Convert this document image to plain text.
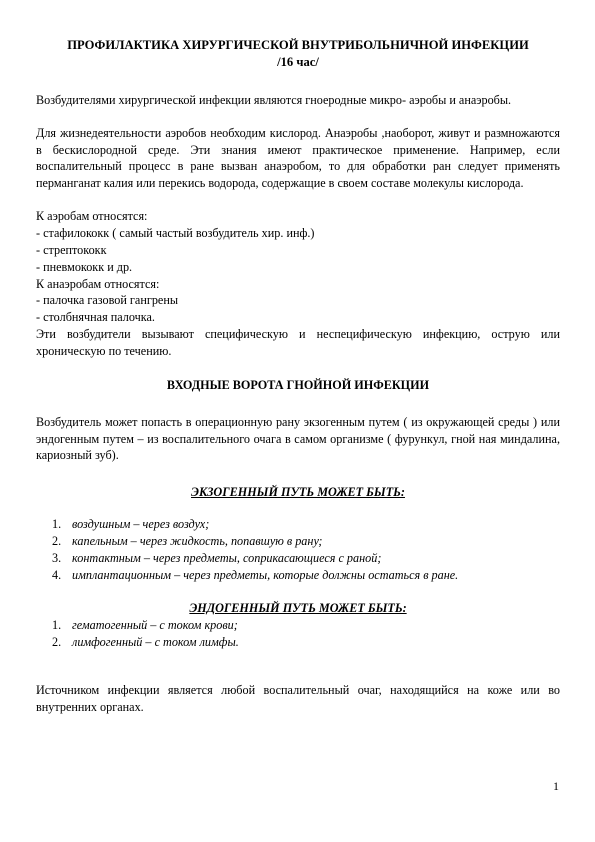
ПРОФИЛАКТИКА ХИРУРГИЧЕСКОЙ ВНУТРИБОЛЬНИЧНОЙ ИНФЕКЦИИ
/16 час/
Возбудителями хирургической инфекции являются гноеродные микро- аэробы и анаэробы.
Для жизнедеятельности аэробов необходим кислород. Анаэробы ,наоборот, живут и размножаются в бескислородной среде. Эти знания имеют практическое применение. Например, если воспалительный процесс в ране вызван анаэробом, то для обработки ран следует применять перманганат калия или перекись водорода, содержащие в своем составе молекулы кислорода.
К аэробам относятся:
- стафилококк ( самый частый возбудитель хир. инф.)
- стрептококк
- пневмококк и др.
К анаэробам относятся:
- палочка газовой гангрены
- столбнячная палочка.
Эти возбудители вызывают специфическую и неспецифическую инфекцию, острую или хроническую по течению.
ВХОДНЫЕ ВОРОТА ГНОЙНОЙ ИНФЕКЦИИ
Возбудитель может попасть в операционную рану экзогенным путем ( из окружающей среды ) или эндогенным путем – из воспалительного очага в самом организме ( фурункул, гной ная миндалина, кариозный зуб).
ЭКЗОГЕННЫЙ ПУТЬ МОЖЕТ БЫТЬ:
1. воздушным – через воздух;
2. капельным – через жидкость, попавшую в рану;
3. контактным – через предметы, соприкасающиеся с раной;
4. имплантационным – через предметы, которые должны остаться в ране.
ЭНДОГЕННЫЙ ПУТЬ МОЖЕТ БЫТЬ:
1. гематогенный – с током крови;
2. лимфогенный – с током лимфы.
Источником инфекции является любой воспалительный очаг, находящийся на коже или во внутренних органах.
1
